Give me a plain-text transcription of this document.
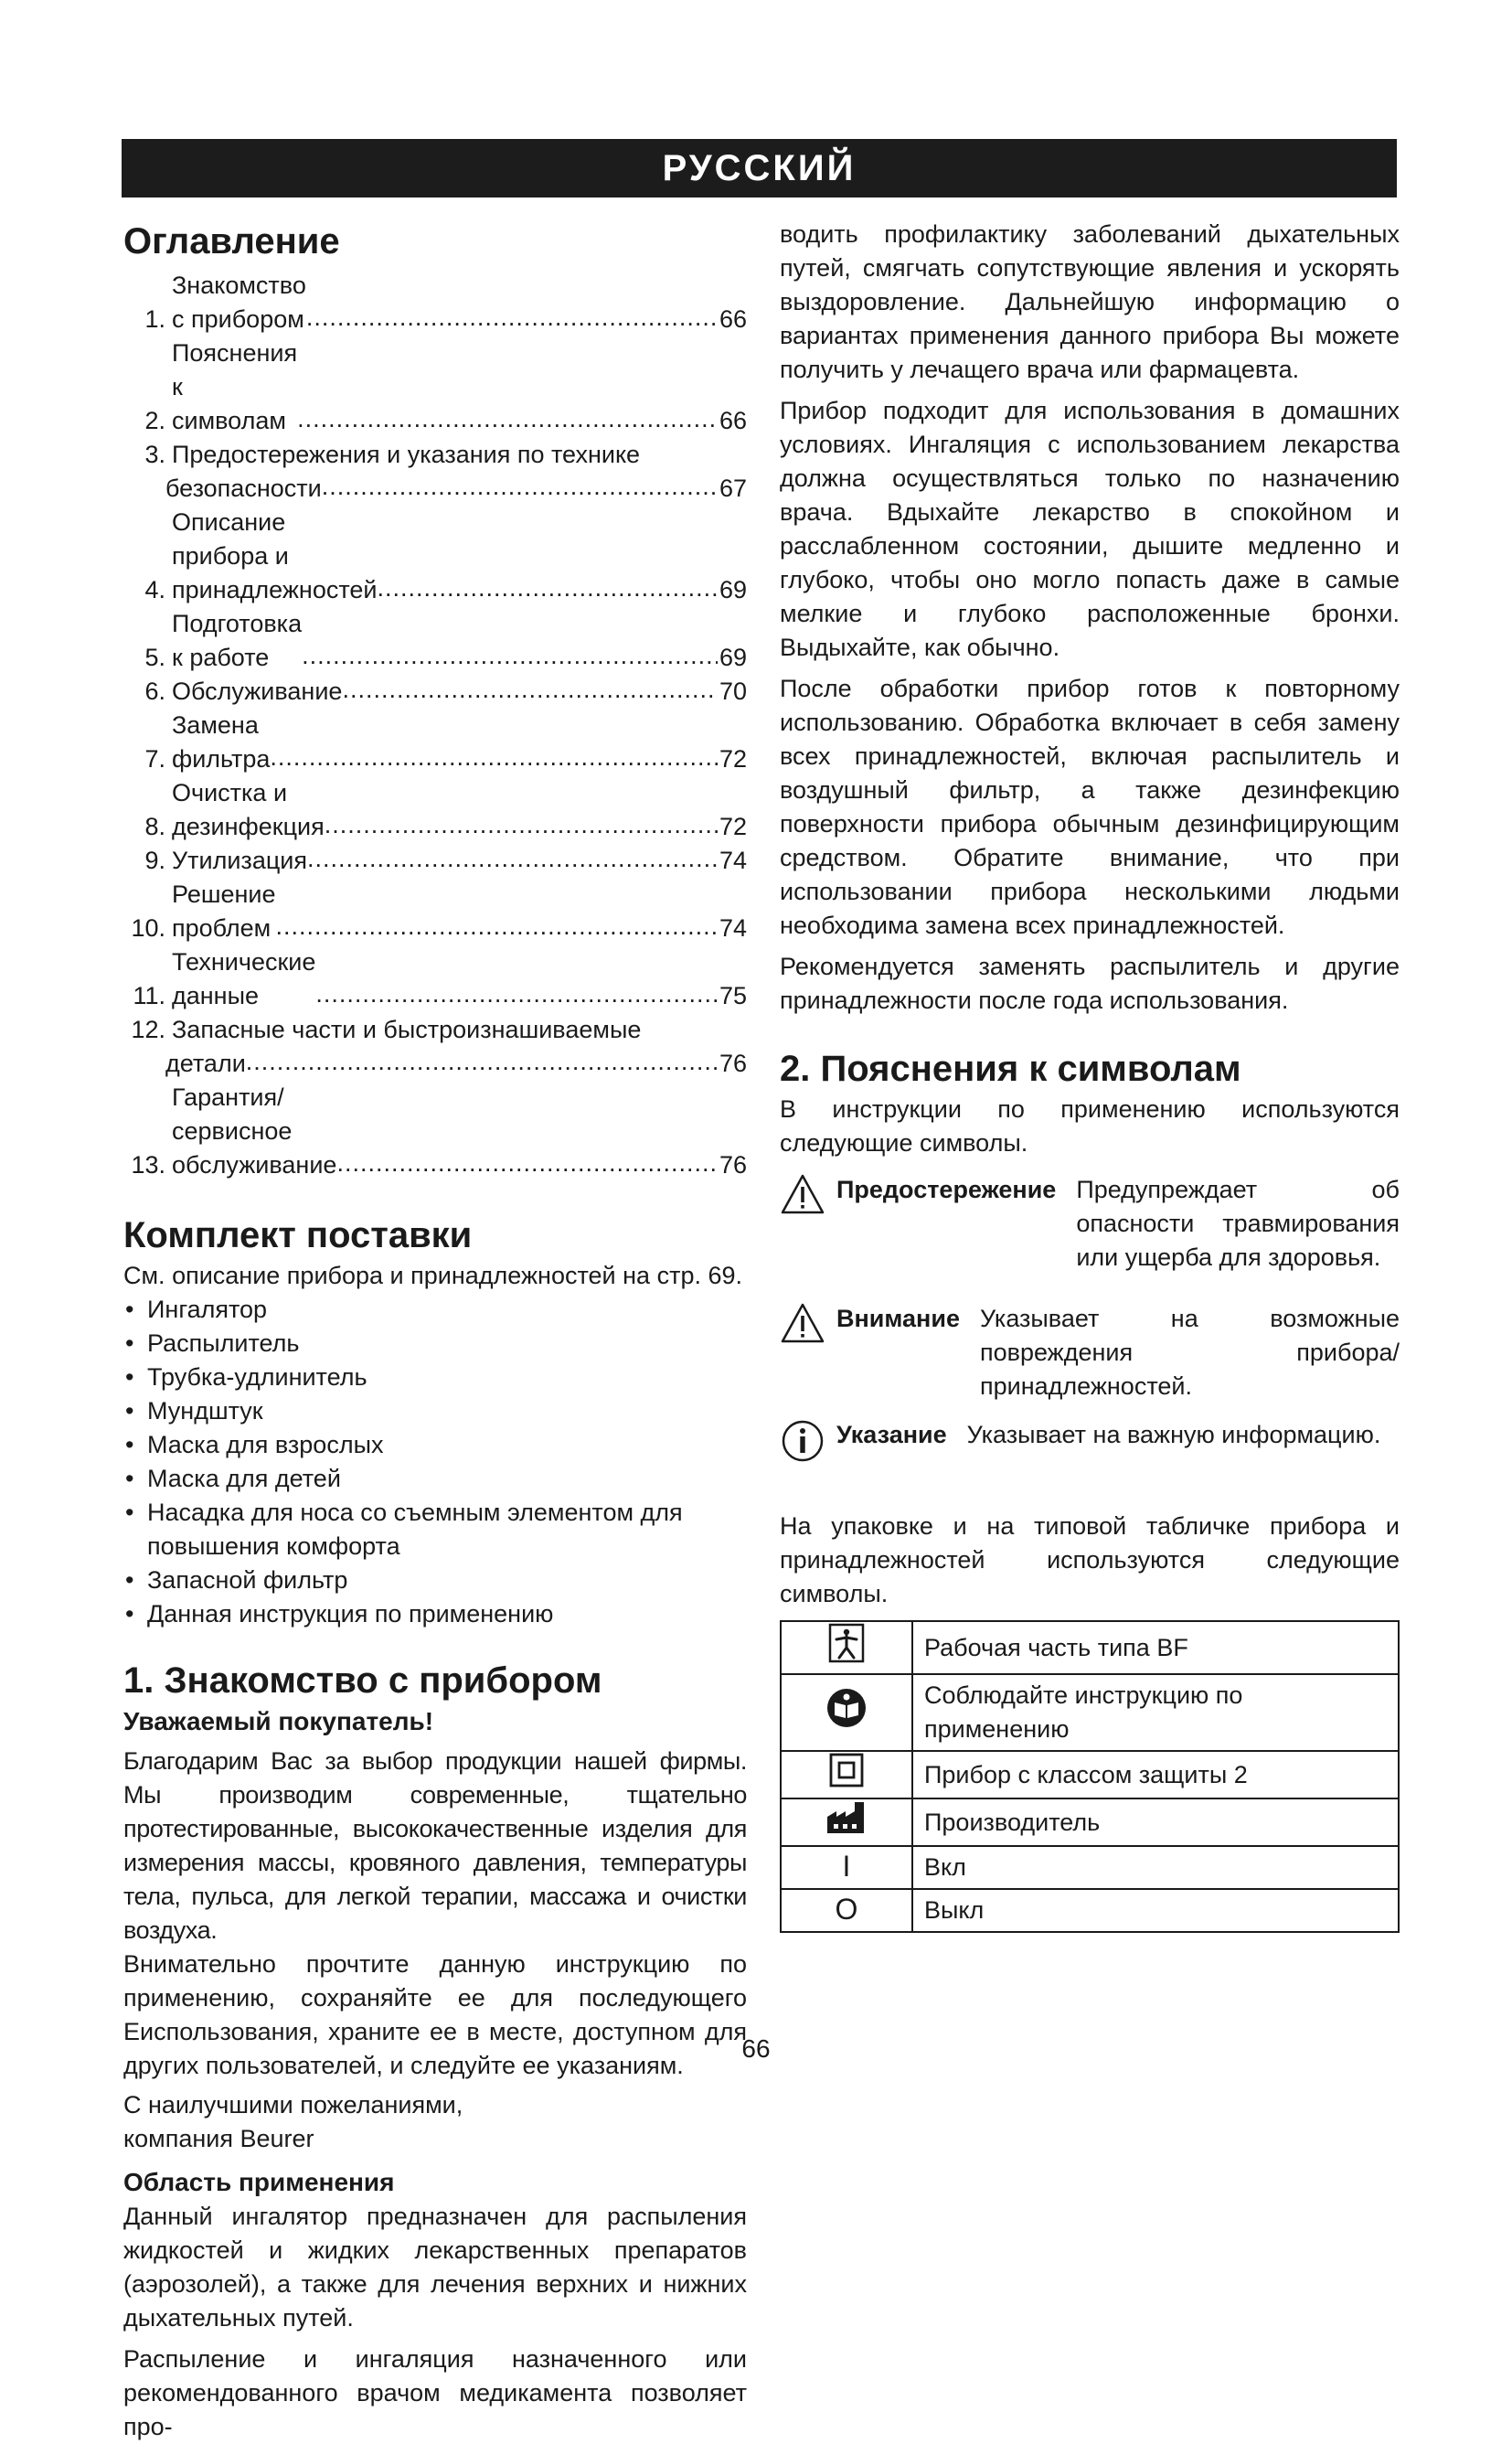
РУССКИЙ
Оглавление
1.
Знакомство с прибором .....	66
2.
Пояснения к символам .....	66
3. Предостережения и указания по технике
безопасности .....	67
4.
Описание прибора и принадлежностей .....	69
5.
Подготовка к работе .....	69
6. Обслуживание .....	70
7.
Замена фильтра .....	72
8.
Очистка и дезинфекция .....	72
9. Утилизация .....	74
10.
Решение проблем .....	74
11.
Технические данные .....	75
12. Запасные части и быстроизнашиваемые
детали .....	76
13.
Гарантия/сервисное обслуживание .....	76
Комплект поставки

См. описание прибора и принадлежностей на стр. 69.

• Ингалятор
• Распылитель
• Трубка-удлинитель
• Мундштук
• Маска для взрослых
• Маска для детей
• Насадка для носа со съемным элементом для повышения комфорта
• Запасной фильтр
• Данная инструкция по применению
1. Знакомство с прибором
Уважаемый покупатель!

Благодарим Вас за выбор продукции нашей фирмы. Мы производим современные, тщательно протестированные, высококачественные изделия для измерения массы, кровяного давления, температуры тела, пульса, для легкой терапии, массажа и очистки воздуха.

Внимательно прочтите данную инструкцию по применению, сохраняйте ее для последующего Еиспользования, храните ее в месте, доступном для других пользователей, и следуйте ее указаниям.

С наилучшими пожеланиями,

компания Beurer

Область применения

Данный ингалятор предназначен для распыления жидкостей и жидких лекарственных препаратов (аэрозолей), а также для лечения верхних и нижних дыхательных путей.

Распыление и ингаляция назначенного или рекомендованного врачом медикамента позволяет про-

водить профилактику заболеваний дыхательных путей, смягчать сопутствующие явления и ускорять выздоровление. Дальнейшую информацию о вариантах применения данного прибора Вы можете получить у лечащего врача или фармацевта.

Прибор подходит для использования в домашних условиях. Ингаляция с использованием лекарства должна осуществляться только по назначению врача. Вдыхайте лекарство в спокойном и расслабленном состоянии, дышите медленно и глубоко, чтобы оно могло попасть даже в самые мелкие и глубоко расположенные бронхи. Выдыхайте, как обычно.

После обработки прибор готов к повторному использованию. Обработка включает в себя замену всех принадлежностей, включая распылитель и воздушный фильтр, а также дезинфекцию поверхности прибора обычным дезинфицирующим средством. Обратите внимание, что при использовании прибора несколькими людьми необходима замена всех принадлежностей.

Рекомендуется заменять распылитель и другие принадлежности после года использования.

2. Пояснения к символам

В инструкции по применению используются следующие символы.

Предостережение Предупреждает об опасности травмирования или ущерба для здоровья.
Внимание Указывает на возможные повреждения прибора/принадлежностей.
Указание Указывает на важную информацию.

На упаковке и на типовой табличке прибора и принадлежностей используются следующие символы.

	Рабочая часть типа BF
	Соблюдайте инструкцию по применению
	Прибор с классом защиты 2
	Производитель
I	Вкл
O	Выкл
66
